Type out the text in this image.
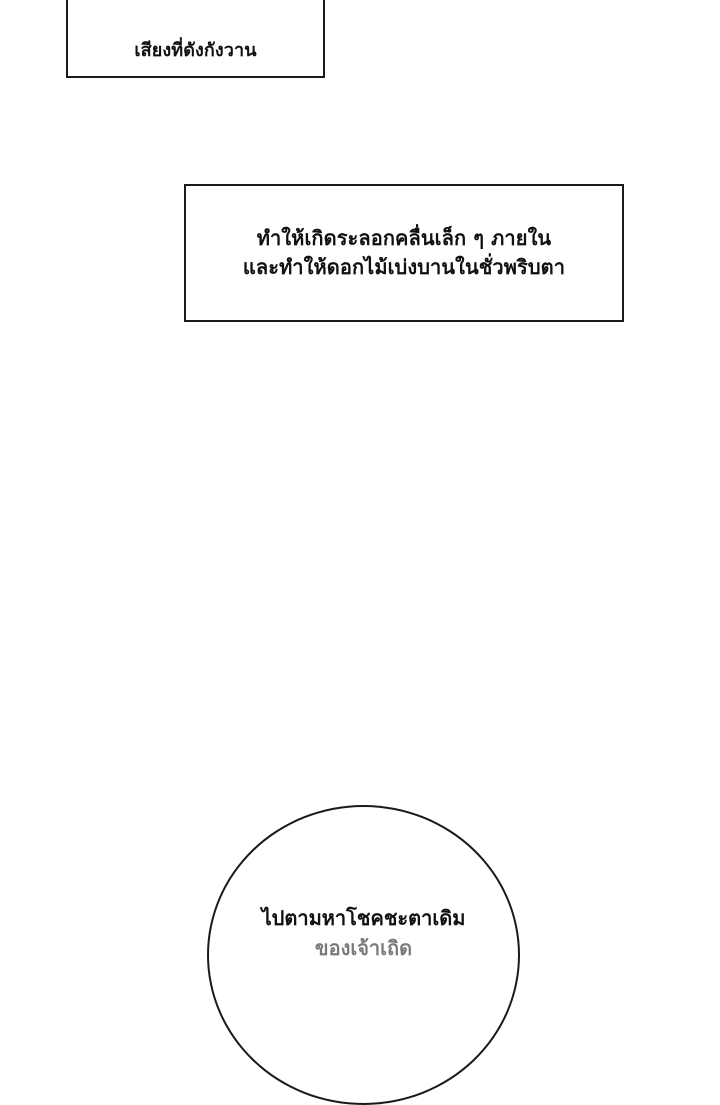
เสียงที่ดังกังวาน
ทำให้เกิดระลอกคลื่นเล็ก ๆ ภายใน
และทำให้ดอกไม้เบ่งบานในชั่วพริบตา
ไปตามหาโชคชะตาเดิม
ของเจ้าเถิด
